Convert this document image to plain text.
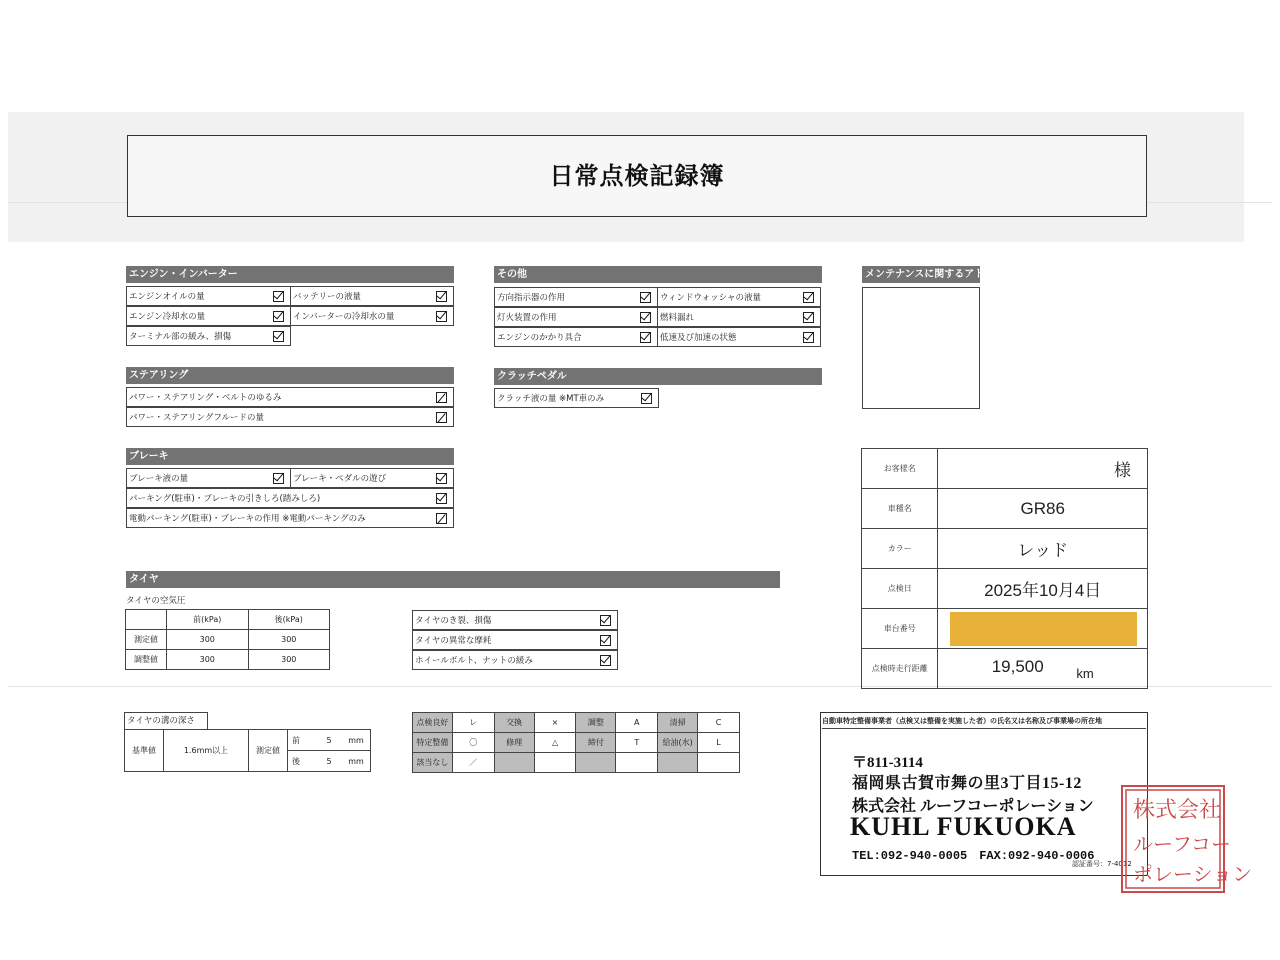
日常点検記録簿
エンジン・インバーター
エンジンオイルの量	バッテリーの液量
エンジン冷却水の量	インバーターの冷却水の量
ターミナル部の緩み、損傷
その他
方向指示器の作用	ウィンドウォッシャの液量
灯火装置の作用	燃料漏れ
エンジンのかかり具合	低速及び加速の状態
メンテナンスに関するアドバイス
ステアリング
パワー・ステアリング・ベルトのゆるみ
パワー・ステアリングフルードの量
クラッチペダル
クラッチ液の量 ※MT車のみ
ブレーキ
ブレーキ液の量	ブレーキ・ペダルの遊び
パーキング(駐車)・ブレーキの引きしろ(踏みしろ)
電動パーキング(駐車)・ブレーキの作用 ※電動パーキングのみ
タイヤ
タイヤの空気圧
	前(kPa)	後(kPa)
測定値	300	300
調整値	300	300
タイヤのき裂、損傷
タイヤの異常な摩耗
ホイールボルト、ナットの緩み
タイヤの溝の深さ
基準値	1.6mm以上	測定値	前	5 mm
後	5 mm
点検良好	レ	交換	×	調整	A	清掃	C
特定整備	〇	修理	△	締付	T	給油(水)	L
該当なし	／						
お客様名	様
車種名	GR86
カラー	レッド
点検日	2025年10月4日
車台番号	

点検時走行距離	19,500 $_{km}$
自動車特定整備事業者（点検又は整備を実施した者）の氏名又は名称及び事業場の所在地
〒811-3114
福岡県古賀市舞の里3丁目15-12
株式会社 ルーフコーポレーション
KUHL FUKUOKA
TEL:092-940-0005　FAX:092-940-0006
認証番号：7-4012
株式会社
ルーフコー
ポレーション
